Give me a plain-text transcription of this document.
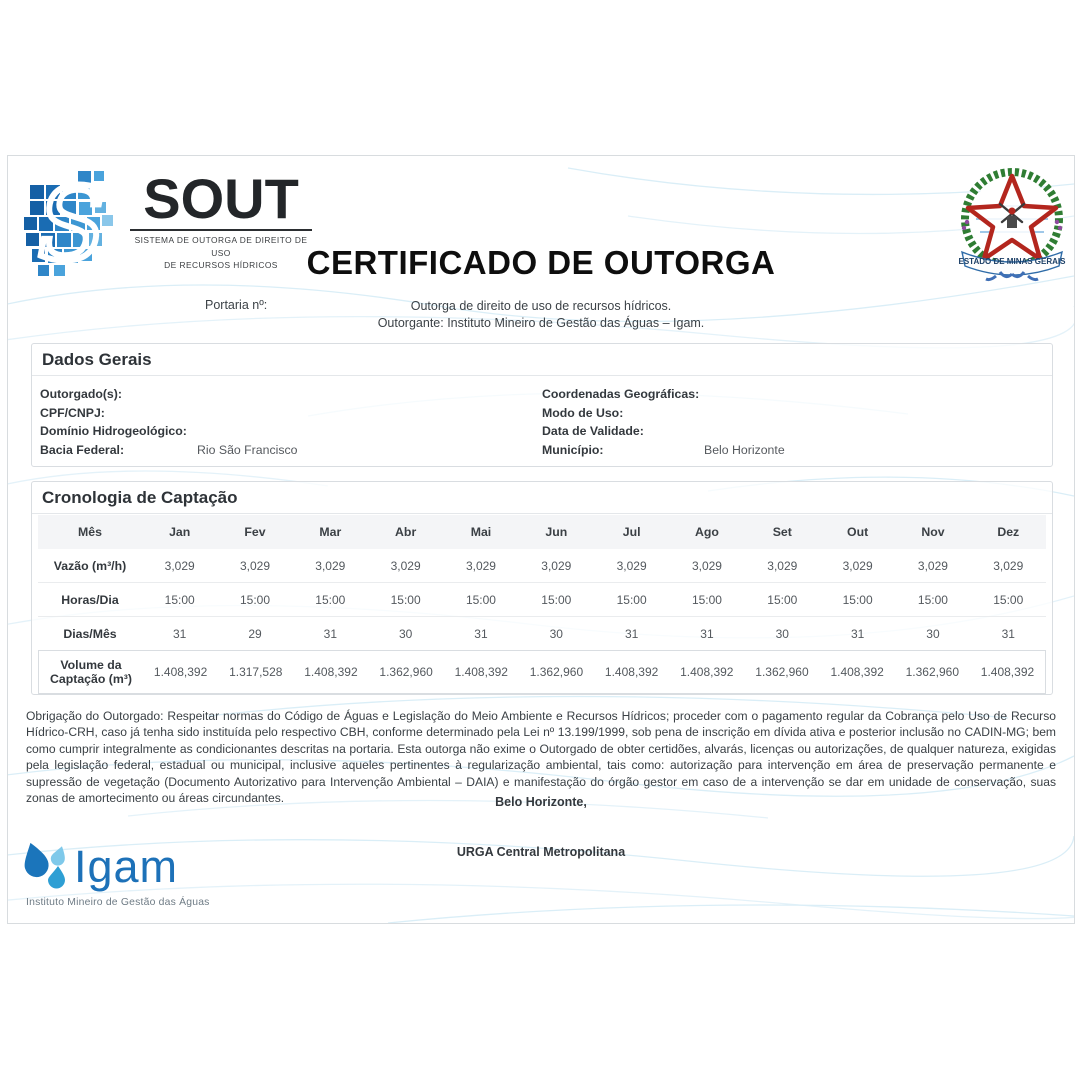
S SOUT
SISTEMA DE OUTORGA DE DIREITO DE USO
DE RECURSOS HÍDRICOS	ESTADO DE MINAS GERAIS
CERTIFICADO DE OUTORGA
Portaria nº:	Outorga de direito de uso de recursos hídricos.
Outorgante: Instituto Mineiro de Gestão das Águas – Igam.
Dados Gerais
Outorgado(s):
CPF/CNPJ:
Domínio Hidrogeológico:
Bacia Federal:	Rio São Francisco
Coordenadas Geográficas:
Modo de Uso:
Data de Validade:
Município:	Belo Horizonte
Cronologia de Captação
Mês	Jan	Fev	Mar	Abr	Mai	Jun	Jul	Ago	Set	Out	Nov	Dez
Vazão (m³/h)	3,029	3,029	3,029	3,029	3,029	3,029	3,029	3,029	3,029	3,029	3,029	3,029
Horas/Dia	15:00	15:00	15:00	15:00	15:00	15:00	15:00	15:00	15:00	15:00	15:00	15:00
Dias/Mês	31	29	31	30	31	30	31	31	30	31	30	31
Volume da Captação (m³)	1.408,392	1.317,528	1.408,392	1.362,960	1.408,392	1.362,960	1.408,392	1.408,392	1.362,960	1.408,392	1.362,960	1.408,392
Obrigação do Outorgado: Respeitar normas do Código de Águas e Legislação do Meio Ambiente e Recursos Hídricos; proceder com o pagamento regular da Cobrança pelo Uso de Recurso Hídrico-CRH, caso já tenha sido instituída pelo respectivo CBH, conforme determinado pela Lei nº 13.199/1999, sob pena de inscrição em dívida ativa e posterior inclusão no CADIN-MG; bem como cumprir integralmente as condicionantes descritas na portaria. Esta outorga não exime o Outorgado de obter certidões, alvarás, licenças ou autorizações, de qualquer natureza, exigidas pela legislação federal, estadual ou municipal, inclusive aqueles pertinentes à regularização ambiental, tais como: autorização para intervenção em área de preservação permanente e supressão de vegetação (Documento Autorizativo para Intervenção Ambiental – DAIA) e manifestação do órgão gestor em caso de a intervenção se dar em unidade de conservação, suas zonas de amortecimento ou áreas circundantes.	Belo Horizonte,
URGA Central Metropolitana
Igam
Instituto Mineiro de Gestão das Águas
